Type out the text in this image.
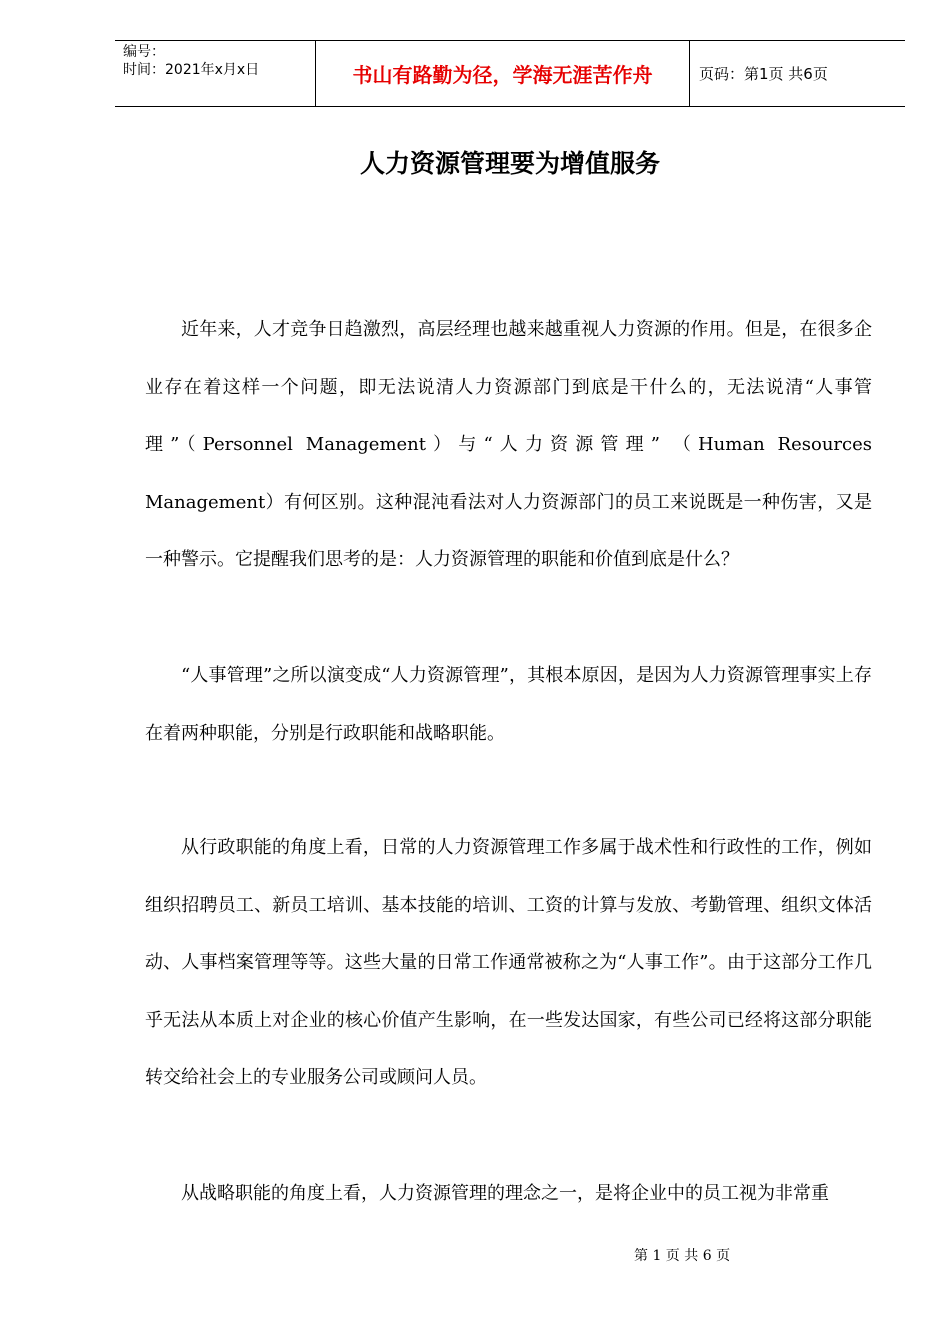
编号：
时间：2021年x月x日	书山有路勤为径，学海无涯苦作舟	页码：第1页 共6页
人力资源管理要为增值服务

近年来，人才竞争日趋激烈，高层经理也越来越重视人力资源的作用。但是，在很多企业存在着这样一个问题，即无法说清人力资源部门到底是干什么的，无法说清“人事管理”（Personnel Management）与“人力资源管理” （Human Resources Management）有何区别。这种混沌看法对人力资源部门的员工来说既是一种伤害，又是一种警示。它提醒我们思考的是：人力资源管理的职能和价值到底是什么？

“人事管理”之所以演变成“人力资源管理”，其根本原因，是因为人力资源管理事实上存在着两种职能，分别是行政职能和战略职能。

从行政职能的角度上看，日常的人力资源管理工作多属于战术性和行政性的工作，例如组织招聘员工、新员工培训、基本技能的培训、工资的计算与发放、考勤管理、组织文体活动、人事档案管理等等。这些大量的日常工作通常被称之为“人事工作”。由于这部分工作几乎无法从本质上对企业的核心价值产生影响，在一些发达国家，有些公司已经将这部分职能转交给社会上的专业服务公司或顾问人员。

从战略职能的角度上看，人力资源管理的理念之一，是将企业中的员工视为非常重

第 1 页 共 6 页
